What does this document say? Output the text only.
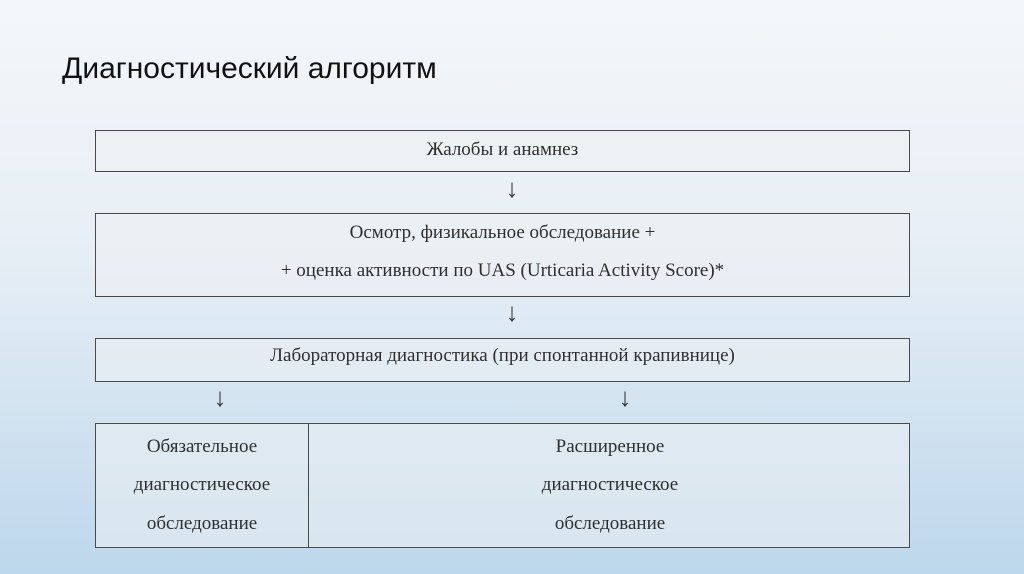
Диагностический алгоритм
Жалобы и анамнез
↓
Осмотр, физикальное обследование +
+ оценка активности по UAS (Urticaria Activity Score)*
↓
Лабораторная диагностика (при спонтанной крапивнице)
↓	↓
Обязательное
диагностическое
обследование
Расширенное
диагностическое
обследование
